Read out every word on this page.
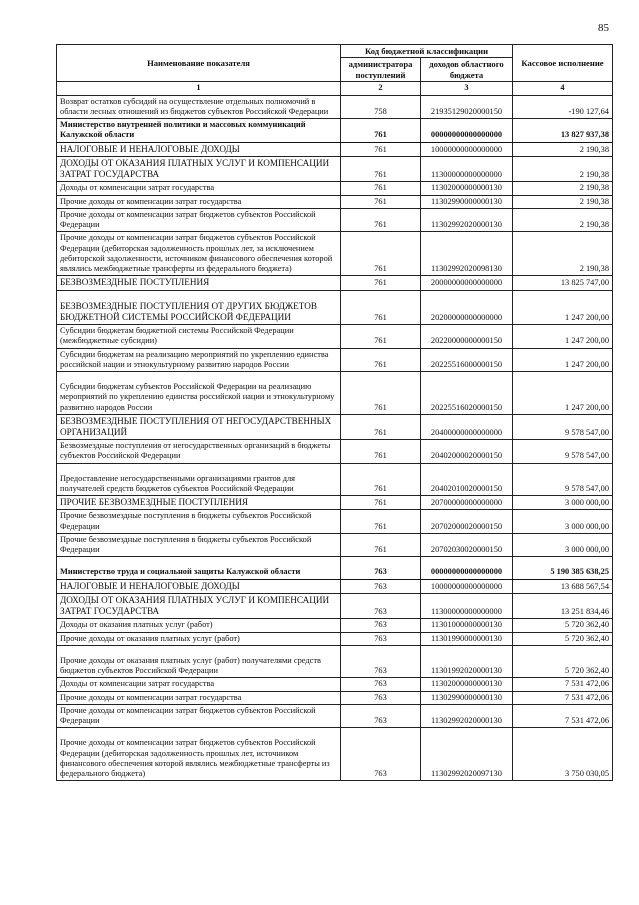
85
Наименование показателя	Код бюджетной классификации		Кассовое исполнение
	администратора поступлений	доходов областного бюджета	
1	2	3	4
Возврат остатков субсидий на осуществление отдельных полномочий в области лесных отношений из бюджетов субъектов Российской Федерации	758	21935129020000150	-190 127,64
Министерство внутренней политики и массовых коммуникаций Калужской области	761	00000000000000000	13 827 937,38
НАЛОГОВЫЕ И НЕНАЛОГОВЫЕ ДОХОДЫ	761	10000000000000000	2 190,38
ДОХОДЫ ОТ ОКАЗАНИЯ ПЛАТНЫХ УСЛУГ И КОМПЕНСАЦИИ ЗАТРАТ ГОСУДАРСТВА	761	11300000000000000	2 190,38
Доходы от компенсации затрат государства	761	11302000000000130	2 190,38
Прочие доходы от компенсации затрат государства	761	11302990000000130	2 190,38
Прочие доходы от компенсации затрат бюджетов субъектов Российской Федерации	761	11302992020000130	2 190,38
Прочие доходы от компенсации затрат бюджетов субъектов Российской Федерации (дебиторская задолженность прошлых лет, за исключением дебиторской задолженности, источником финансового обеспечения которой являлись межбюджетные трансферты из федерального бюджета)	761	11302992020098130	2 190,38
БЕЗВОЗМЕЗДНЫЕ ПОСТУПЛЕНИЯ	761	20000000000000000	13 825 747,00
БЕЗВОЗМЕЗДНЫЕ ПОСТУПЛЕНИЯ ОТ ДРУГИХ БЮДЖЕТОВ БЮДЖЕТНОЙ СИСТЕМЫ РОССИЙСКОЙ ФЕДЕРАЦИИ	761	20200000000000000	1 247 200,00
Субсидии бюджетам бюджетной системы Российской Федерации (межбюджетные субсидии)	761	20220000000000150	1 247 200,00
Субсидии бюджетам на реализацию мероприятий по укреплению единства российской нации и этнокультурному развитию народов России	761	20225516000000150	1 247 200,00
Субсидии бюджетам субъектов Российской Федерации на реализацию мероприятий по укреплению единства российской нации и этнокультурному развитию народов России	761	20225516020000150	1 247 200,00
БЕЗВОЗМЕЗДНЫЕ ПОСТУПЛЕНИЯ ОТ НЕГОСУДАРСТВЕННЫХ ОРГАНИЗАЦИЙ	761	20400000000000000	9 578 547,00
Безвозмездные поступления от негосударственных организаций в бюджеты субъектов Российской Федерации	761	20402000020000150	9 578 547,00
Предоставление негосударственными организациями грантов для получателей средств бюджетов субъектов Российской Федерации	761	20402010020000150	9 578 547,00
ПРОЧИЕ БЕЗВОЗМЕЗДНЫЕ ПОСТУПЛЕНИЯ	761	20700000000000000	3 000 000,00
Прочие безвозмездные поступления в бюджеты субъектов Российской Федерации	761	20702000020000150	3 000 000,00
Прочие безвозмездные поступления в бюджеты субъектов Российской Федерации	761	20702030020000150	3 000 000,00
Министерство труда и социальной защиты Калужской области	763	00000000000000000	5 190 385 638,25
НАЛОГОВЫЕ И НЕНАЛОГОВЫЕ ДОХОДЫ	763	10000000000000000	13 688 567,54
ДОХОДЫ ОТ ОКАЗАНИЯ ПЛАТНЫХ УСЛУГ И КОМПЕНСАЦИИ ЗАТРАТ ГОСУДАРСТВА	763	11300000000000000	13 251 834,46
Доходы от оказания платных услуг (работ)	763	11301000000000130	5 720 362,40
Прочие доходы от оказания платных услуг (работ)	763	11301990000000130	5 720 362,40
Прочие доходы от оказания платных услуг (работ) получателями средств бюджетов субъектов Российской Федерации	763	11301992020000130	5 720 362,40
Доходы от компенсации затрат государства	763	11302000000000130	7 531 472,06
Прочие доходы от компенсации затрат государства	763	11302990000000130	7 531 472,06
Прочие доходы от компенсации затрат бюджетов субъектов Российской Федерации	763	11302992020000130	7 531 472,06
Прочие доходы от компенсации затрат бюджетов субъектов Российской Федерации (дебиторская задолженность прошлых лет, источником финансового обеспечения которой являлись межбюджетные трансферты из федерального бюджета)	763	11302992020097130	3 750 030,05
